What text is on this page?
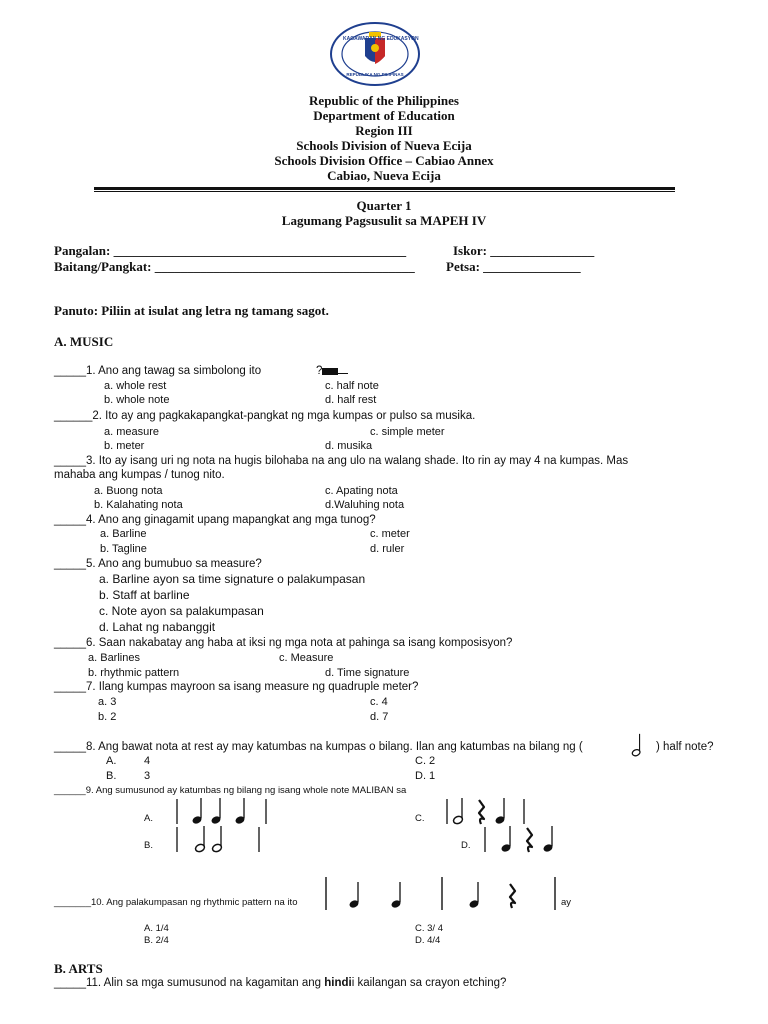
KAGAWARAN NG EDUKASYON
REPUBLIKA NG PILIPINAS
Republic of the Philippines
Department of Education
Region III
Schools Division of Nueva Ecija
Schools Division Office – Cabiao Annex
Cabiao, Nueva Ecija
Quarter 1
Lagumang Pagsusulit sa MAPEH IV
Pangalan: _____________________________________________	Iskor: ________________
Baitang/Pangkat: ________________________________________ Petsa: _______________
Panuto: Piliin at isulat ang letra ng tamang sagot.
A. MUSIC
_____1. Ano ang tawag sa simbolong ito	?
a. whole rest	c. half note
b. whole note	d. half rest
______2. Ito ay ang pagkakapangkat-pangkat ng mga kumpas or pulso sa musika.
a. measure	c. simple meter
b. meter	d. musika
_____3. Ito ay isang uri ng nota na hugis bilohaba na ang ulo na walang shade. Ito rin ay may 4 na kumpas. Mas
mahaba ang kumpas / tunog nito.
a. Buong nota	c. Apating nota
b. Kalahating nota	d.Waluhing nota
_____4. Ano ang ginagamit upang mapangkat ang mga tunog?
a. Barline	c. meter
b. Tagline	d. ruler
_____5. Ano ang bumubuo sa measure?
a. Barline ayon sa time signature o palakumpasan
b. Staff at barline
c. Note ayon sa palakumpasan
d. Lahat ng nabanggit
_____6. Saan nakabatay ang haba at iksi ng mga nota at pahinga sa isang komposisyon?
a. Barlines	c. Measure
b. rhythmic pattern	d. Time signature
_____7. Ilang kumpas mayroon sa isang measure ng quadruple meter?
a. 3	c. 4
b. 2	d. 7
_____8. Ang bawat nota at rest ay may katumbas na kumpas o bilang. Ilan ang katumbas na bilang ng (	) half note?
A.	4	C. 2
B.	3	D. 1
______9. Ang sumusunod ay katumbas ng bilang ng isang whole note MALIBAN sa
A.
B.
C.
D.
_______10. Ang palakumpasan ng rhythmic pattern na ito	ay
A. 1/4
B. 2/4
C. 3/ 4
D. 4/4
B. ARTS
_____11. Alin sa mga sumusunod na kagamitan ang hindii kailangan sa crayon etching?
